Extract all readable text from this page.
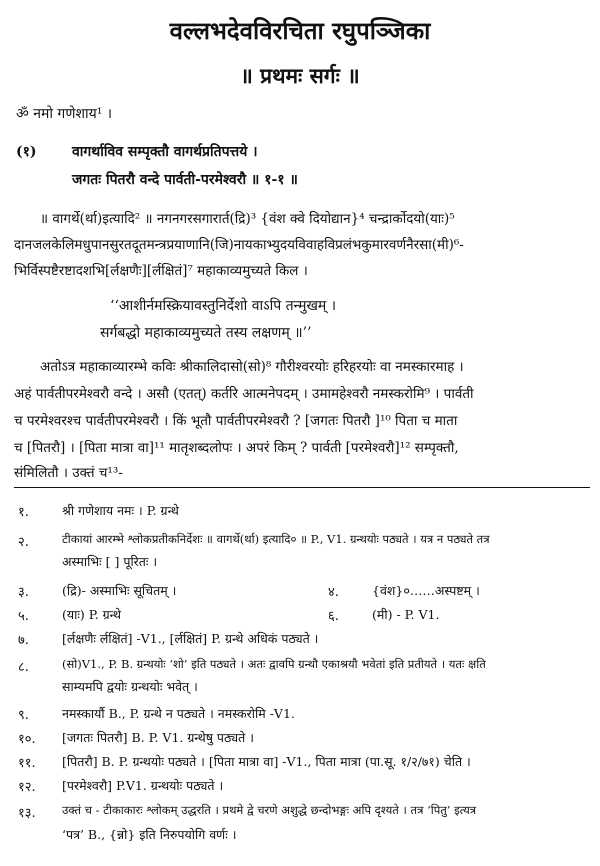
वल्लभदेवविरचिता रघुपञ्जिका
॥ प्रथमः सर्गः ॥
ॐ नमो गणेशाय¹ ।
(१)	वागर्थाविव सम्पृक्तौ वागर्थप्रतिपत्तये ।
जगतः पितरौ वन्दे पार्वती-परमेश्वरौ ॥ १-१ ॥
॥ वागर्थे(र्था)इत्यादि² ॥ नगनगरसगारार्त(द्रि)³ {वंश क्वे दियोद्यान}⁴ चन्द्रार्कोदयो(याः)⁵
दानजलकेलिमधुपानसुरतदूतमन्त्रप्रयाणानि(जि)नायकाभ्युदयविवाहविप्रलंभकुमारवर्णनैरसा(मी)⁶-
भिर्विस्पष्टैरष्टादशभि[र्लक्षणैः][र्लक्षितं]⁷ महाकाव्यमुच्यते किल ।
‘‘आशीर्नमस्क्रियावस्तुनिर्देशो वाऽपि तन्मुखम् ।
सर्गबद्धो महाकाव्यमुच्यते तस्य लक्षणम् ॥’’
अतोऽत्र महाकाव्यारम्भे कविः श्रीकालिदासो(सो)⁸ गौरीश्वरयोः हरिहरयोः वा नमस्कारमाह ।
अहं पार्वतीपरमेश्वरौ वन्दे । असौ (एतत्) कर्तरि आत्मनेपदम् । उमामहेश्वरौ नमस्करोमि⁹ । पार्वती
च परमेश्वरश्च पार्वतीपरमेश्वरौ । किं भूतौ पार्वतीपरमेश्वरौ ? [जगतः पितरौ ]¹⁰ पिता च माता
च [पितरौ] । [पिता मात्रा वा]¹¹ मातृशब्दलोपः । अपरं किम् ? पार्वती [परमेश्वरौ]¹² सम्पृक्तौ,
संमिलितौ । उक्तं च¹³-
१.	श्री गणेशाय नमः । P. ग्रन्थे
२.	टीकायां आरम्भे श्लोकप्रतीकनिर्देशः ॥ वागर्थे(र्था) इत्यादि० ॥ P., V1. ग्रन्थयोः पठ्यते । यत्र न पठ्यते तत्र
अस्माभिः [ ] पूरितः ।
३.	(द्रि)- अस्माभिः सूचितम् ।	४.	{वंश}०……अस्पष्टम् ।
५.	(याः) P. ग्रन्थे	६.	(मी) - P. V1.
७.	[र्लक्षणैः र्लक्षितं] -V1., [र्लक्षितं] P. ग्रन्थे अधिकं पठ्यते ।
८.	(सो)V1., P. B. ग्रन्थयोः ‘शो’ इति पठ्यते । अतः द्वावपि ग्रन्थौ एकाश्रयौ भवेतां इति प्रतीयते । यतः क्षति
साम्यमपि द्वयोः ग्रन्थयोः भवेत् ।
९.	नमस्कार्यौ B., P. ग्रन्थे न पठ्यते । नमस्करोमि -V1.
१०. [जगतः पितरौ] B. P. V1. ग्रन्थेषु पठ्यते ।
११. [पितरौ] B. P. ग्रन्थयोः पठ्यते । [पिता मात्रा वा] -V1., पिता मात्रा (पा.सू. १/२/७१) चेति ।
१२. [परमेश्वरौ] P.V1. ग्रन्थयोः पठ्यते ।
१३. उक्तं च - टीकाकारः श्लोकम् उद्धरति । प्रथमे द्वे चरणे अशुद्धे छन्दोभङ्गः अपि दृश्यते । तत्र ‘पितु’ इत्यत्र
‘पत्र’ B., {न्नो} इति निरुपयोगि वर्णः ।
